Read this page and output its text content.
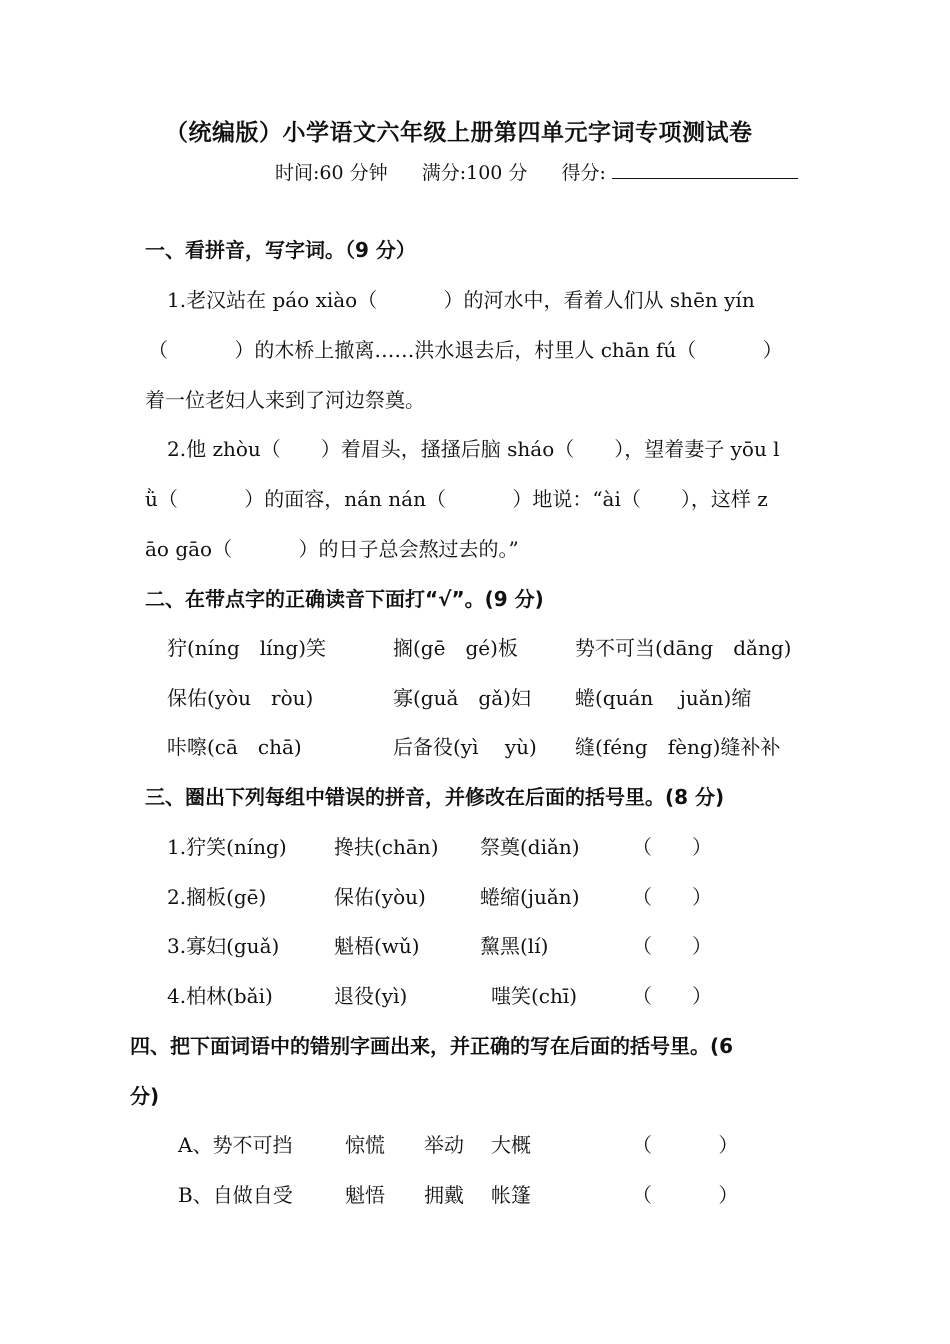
（统编版）小学语文六年级上册第四单元字词专项测试卷
时间:60 分钟 满分:100 分 得分:
一、看拼音，写字词。（9 分）
1.老汉站在 páo xiào（　　　 ）的河水中，看着人们从 shēn yín
（　　　 ）的木桥上撤离……洪水退去后，村里人 chān fú（　　　 ）
着一位老妇人来到了河边祭奠。
2.他 zhòu（　　）着眉头，搔搔后脑 sháo（　　），望着妻子 yōu l
ǜ（　　　 ）的面容，nán nán（　　　 ）地说：“ài（　　），这样 z
āo gāo（　　　 ）的日子总会熬过去的。”
二、在带点字的正确读音下面打“√”。(9 分)
狞(níng　líng)笑	搁(gē　gé)板	势不可当(dāng　dǎng)
保佑(yòu　ròu)	寡(guǎ　gǎ)妇 蜷(quán　 juǎn)缩
咔嚓(cā　chā)	后备役(yì　 yù) 缝(féng　fèng)缝补补
三、圈出下列每组中错误的拼音，并修改在后面的括号里。(8 分)
1.狞笑(níng) 搀扶(chān) 祭奠(diǎn)	（　　）
2.搁板(gē)	保佑(yòu)	蜷缩(juǎn)	（　　）
3.寡妇(guǎ)	魁梧(wǔ)	黧黑(lí)	（　　）
4.柏林(bǎi)	退役(yì)	嗤笑(chī)	（　　）
四、把下面词语中的错别字画出来，并正确的写在后面的括号里。(6
分)
A、势不可挡	惊慌 举动 大概	（　　　 ）
B、自做自受	魁悟 拥戴 帐篷	（　　　 ）
